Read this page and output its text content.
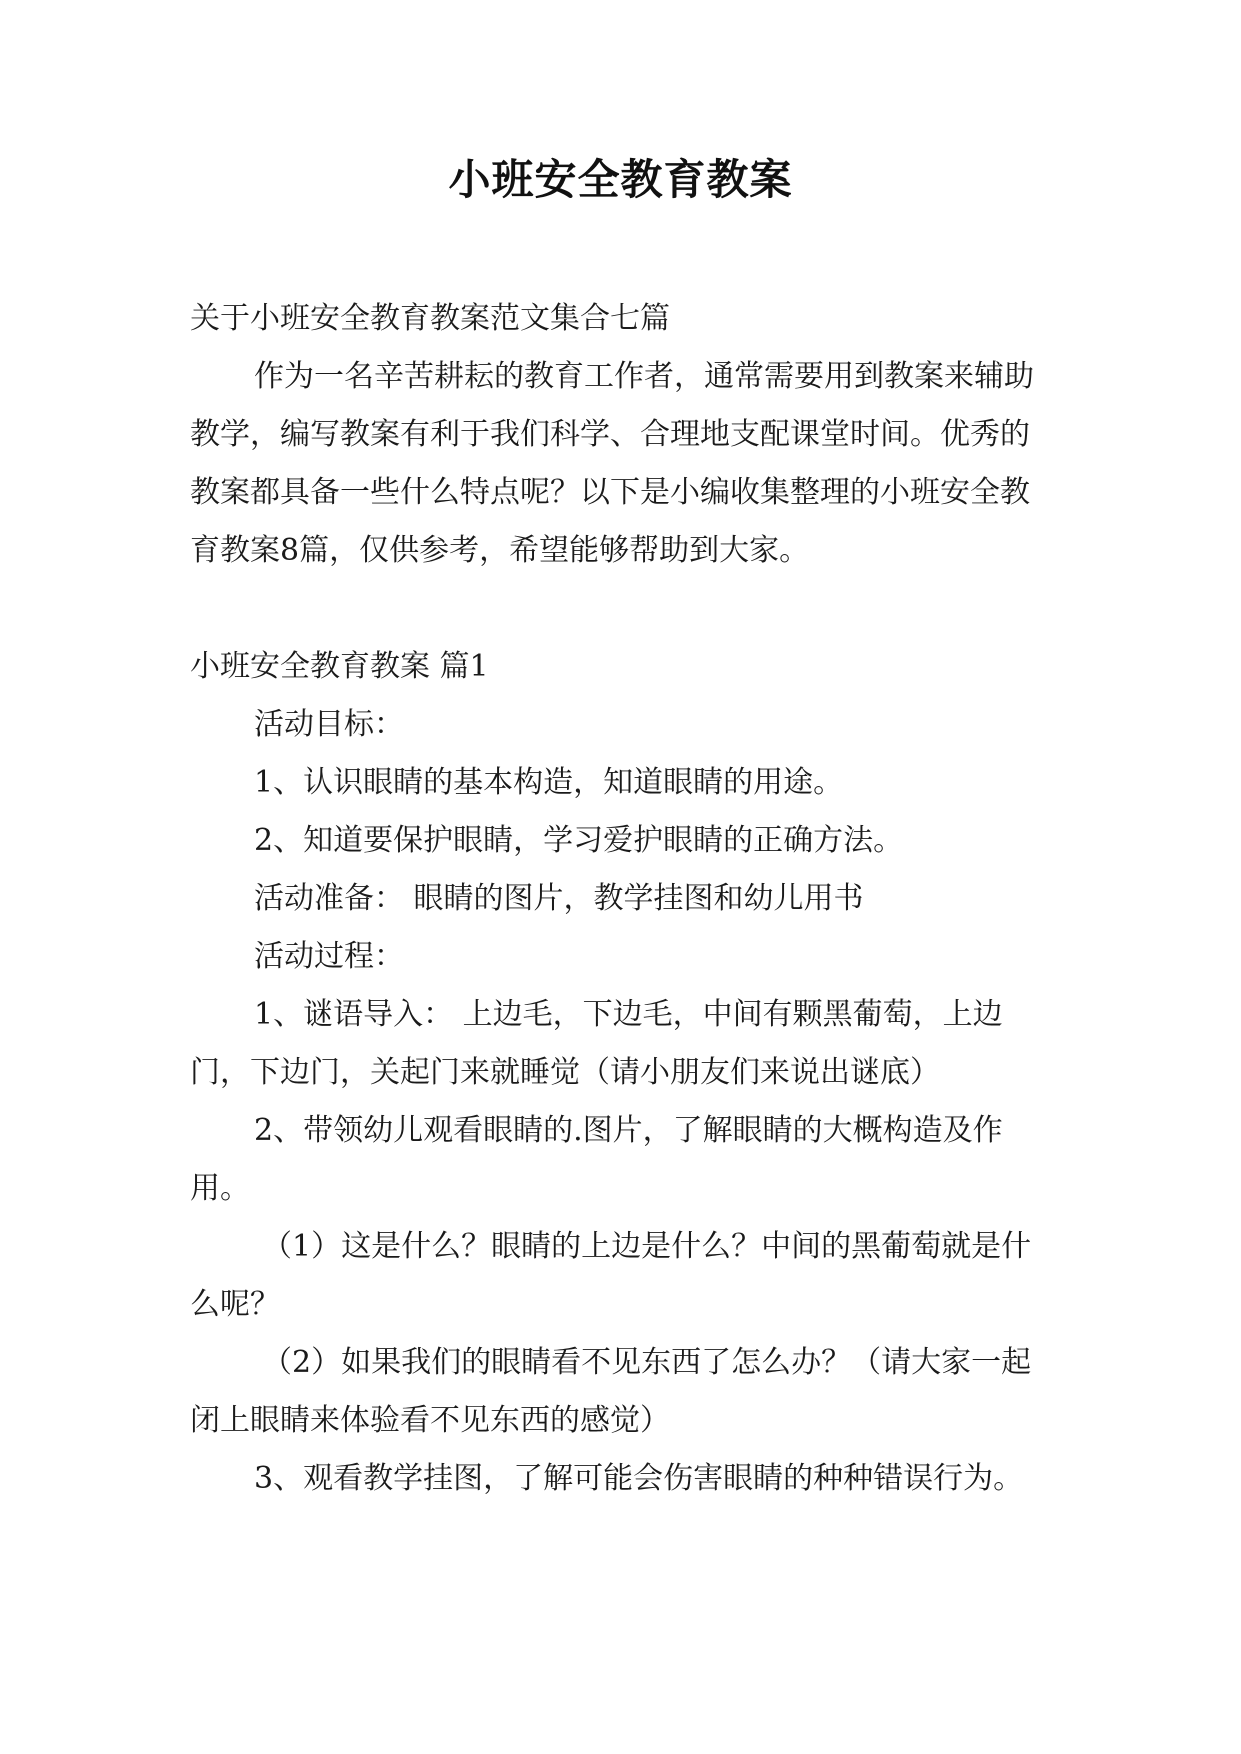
小班安全教育教案

关于小班安全教育教案范文集合七篇

作为一名辛苦耕耘的教育工作者，通常需要用到教案来辅助教学，编写教案有利于我们科学、合理地支配课堂时间。优秀的教案都具备一些什么特点呢？以下是小编收集整理的小班安全教育教案8篇，仅供参考，希望能够帮助到大家。

小班安全教育教案 篇1

活动目标：

1、认识眼睛的基本构造，知道眼睛的用途。

2、知道要保护眼睛，学习爱护眼睛的正确方法。

活动准备： 眼睛的图片，教学挂图和幼儿用书

活动过程：

1、谜语导入： 上边毛，下边毛，中间有颗黑葡萄，上边门，下边门，关起门来就睡觉（请小朋友们来说出谜底）

2、带领幼儿观看眼睛的.图片，了解眼睛的大概构造及作用。

（1）这是什么？眼睛的上边是什么？中间的黑葡萄就是什么呢？

（2）如果我们的眼睛看不见东西了怎么办？（请大家一起闭上眼睛来体验看不见东西的感觉）

3、观看教学挂图，了解可能会伤害眼睛的种种错误行为。
